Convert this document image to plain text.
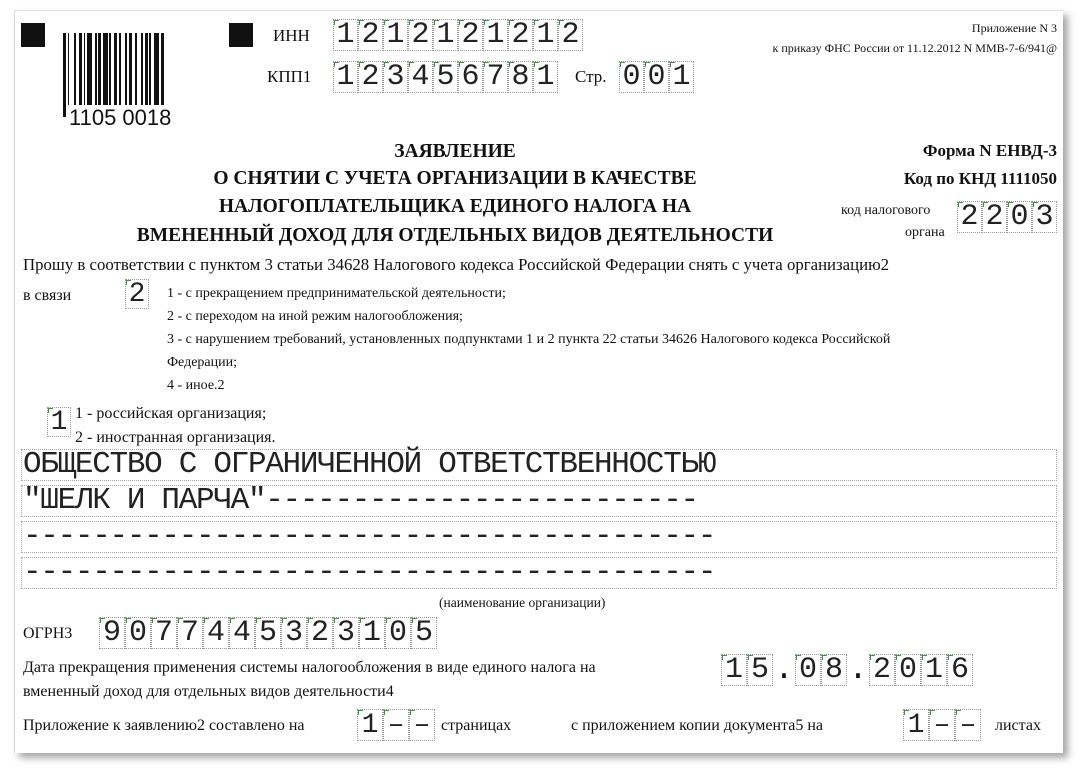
1105 0018
ИНН 1 2 1 2 1 2 1 2 1 2
КПП1 1 2 3 4 5 6 7 8 1 Стр. 0 0 1
Приложение N 3
к приказу ФНС России от 11.12.2012 N ММВ-7-6/941@
ЗАЯВЛЕНИЕ
О СНЯТИИ С УЧЕТА ОРГАНИЗАЦИИ В КАЧЕСТВЕ
НАЛОГОПЛАТЕЛЬЩИКА ЕДИНОГО НАЛОГА НА
ВМЕНЕННЫЙ ДОХОД ДЛЯ ОТДЕЛЬНЫХ ВИДОВ ДЕЯТЕЛЬНОСТИ
Форма N ЕНВД-3
Код по КНД 1111050
код налогового
органа 2 2 0 3
Прошу в соответствии с пунктом 3 статьи 34628 Налогового кодекса Российской Федерации снять с учета организацию2
в связи 2 1 - с прекращением предпринимательской деятельности;
2 - с переходом на иной режим налогообложения;
3 - с нарушением требований, установленных подпунктами 1 и 2 пункта 22 статьи 34626 Налогового кодекса Российской
Федерации;
4 - иное.2
1 1 - российская организация;
2 - иностранная организация.
ОБЩЕСТВО С ОГРАНИЧЕННОЙ ОТВЕТСТВЕННОСТЬЮ
"ШЕЛК И ПАРЧА"-------------------------
----------------------------------------
----------------------------------------
(наименование организации)
ОГРН3 9 0 7 7 4 4 5 3 2 3 1 0 5
Дата прекращения применения системы налогообложения в виде единого налога на
вмененный доход для отдельных видов деятельности4
1 5 . 0 8 . 2 0 1 6
Приложение к заявлению2 составлено на 1 – – страницах	с приложением копии документа5 на	1 – – листах
